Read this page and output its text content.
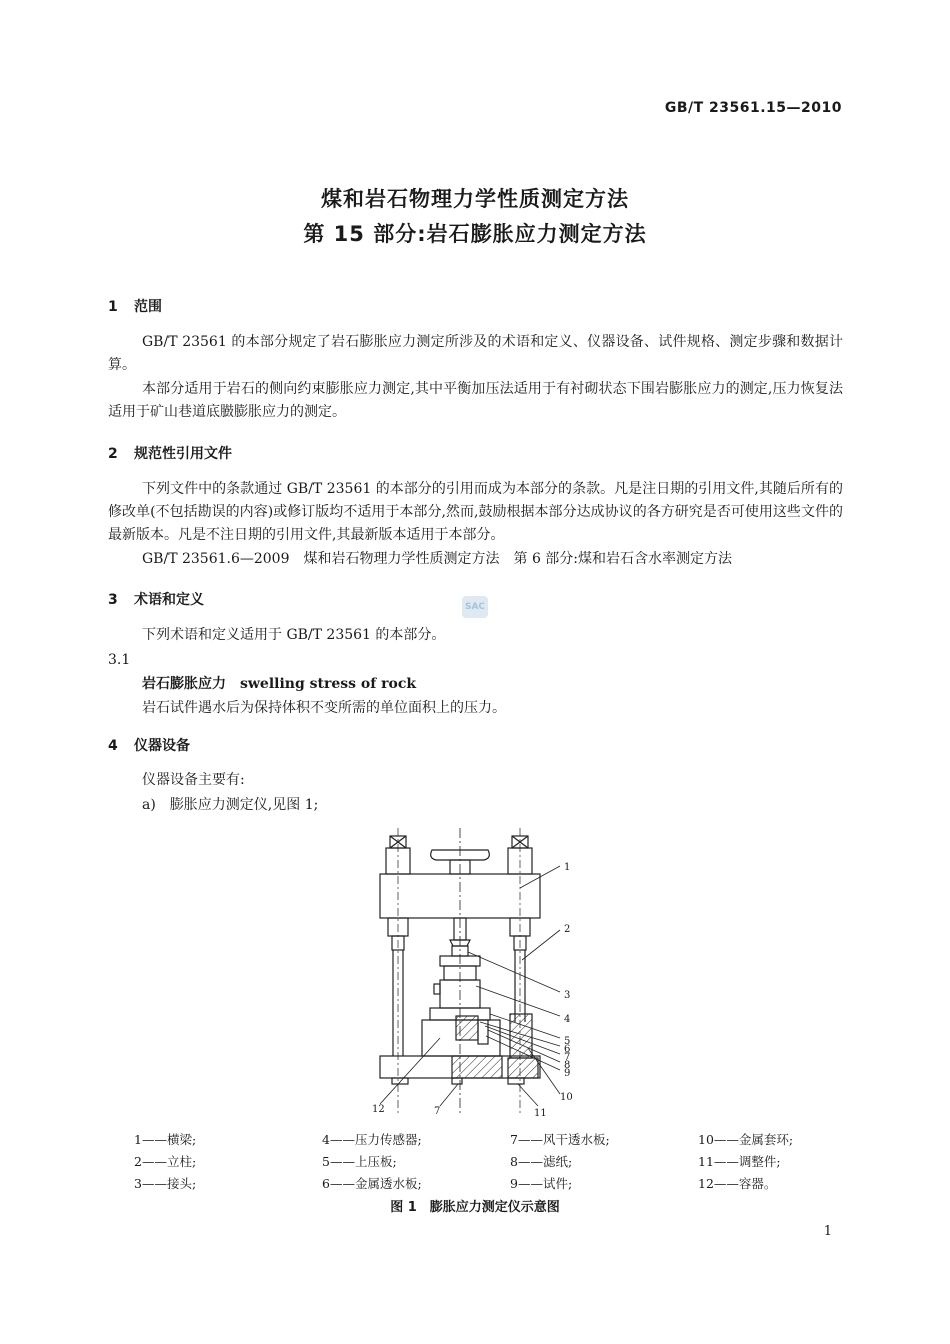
GB/T 23561.15—2010
煤和岩石物理力学性质测定方法
第 15 部分:岩石膨胀应力测定方法
1 范围
GB/T 23561 的本部分规定了岩石膨胀应力测定所涉及的术语和定义、仪器设备、试件规格、测定步骤和数据计算。
本部分适用于岩石的侧向约束膨胀应力测定,其中平衡加压法适用于有衬砌状态下围岩膨胀应力的测定,压力恢复法适用于矿山巷道底臌膨胀应力的测定。
2 规范性引用文件
下列文件中的条款通过 GB/T 23561 的本部分的引用而成为本部分的条款。凡是注日期的引用文件,其随后所有的修改单(不包括勘误的内容)或修订版均不适用于本部分,然而,鼓励根据本部分达成协议的各方研究是否可使用这些文件的最新版本。凡是不注日期的引用文件,其最新版本适用于本部分。
GB/T 23561.6—2009　煤和岩石物理力学性质测定方法　第 6 部分:煤和岩石含水率测定方法
3 术语和定义	SAC
下列术语和定义适用于 GB/T 23561 的本部分。
3.1
岩石膨胀应力  swelling stress of rock
岩石试件遇水后为保持体积不变所需的单位面积上的压力。
4 仪器设备
仪器设备主要有:
a)　膨胀应力测定仪,见图 1;
1
2
3
4
5
6
7
8
9
10
11
12	7
1——横梁;	4——压力传感器;	7——风干透水板;	10——金属套环;
2——立柱;	5——上压板;	8——滤纸;	11——调整件;
3——接头;	6——金属透水板;	9——试件;	12——容器。
图 1　膨胀应力测定仪示意图
1
